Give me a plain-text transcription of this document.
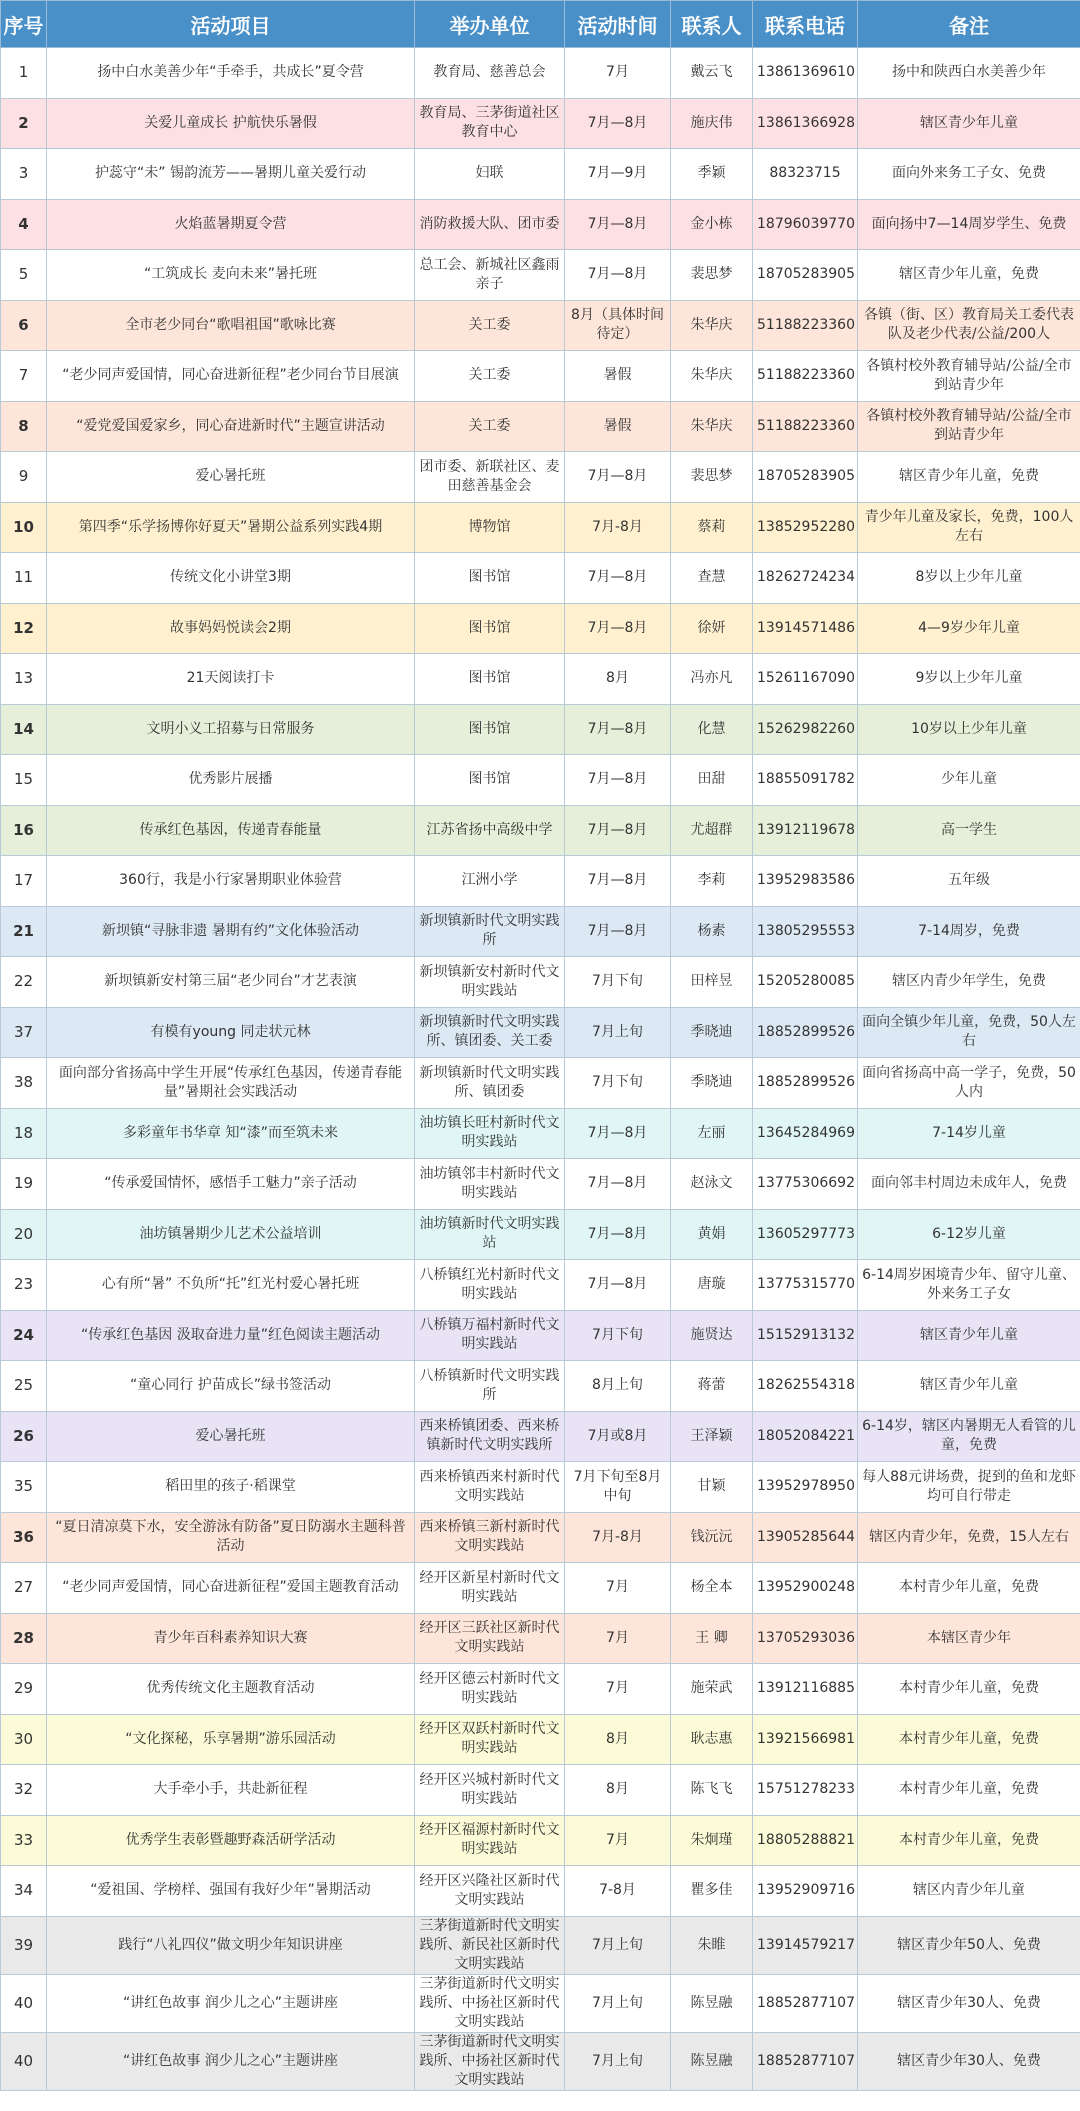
序号	活动项目	举办单位	活动时间	联系人	联系电话	备注
1	扬中白水美善少年“手牵手，共成长”夏令营	教育局、慈善总会	7月	戴云飞	13861369610	扬中和陕西白水美善少年
2	关爱儿童成长 护航快乐暑假	教育局、三茅街道社区教育中心	7月—8月	施庆伟	13861366928	辖区青少年儿童
3	护蕊守“未” 锡韵流芳——暑期儿童关爱行动	妇联	7月—9月	季颖	88323715	面向外来务工子女、免费
4	火焰蓝暑期夏令营	消防救援大队、团市委	7月—8月	金小栋	18796039770	面向扬中7—14周岁学生、免费
5	“工筑成长 麦向未来”暑托班	总工会、新城社区鑫雨亲子	7月—8月	裴思梦	18705283905	辖区青少年儿童，免费
6	全市老少同台“歌唱祖国”歌咏比赛	关工委	8月（具体时间待定）	朱华庆	51188223360	各镇（街、区）教育局关工委代表队及老少代表/公益/200人
7	“老少同声爱国情，同心奋进新征程”老少同台节目展演	关工委	暑假	朱华庆	51188223360	各镇村校外教育辅导站/公益/全市到站青少年
8	“爱党爱国爱家乡，同心奋进新时代”主题宣讲活动	关工委	暑假	朱华庆	51188223360	各镇村校外教育辅导站/公益/全市到站青少年
9	爱心暑托班	团市委、新联社区、麦田慈善基金会	7月—8月	裴思梦	18705283905	辖区青少年儿童，免费
10	第四季“乐学扬博你好夏天”暑期公益系列实践4期	博物馆	7月-8月	蔡莉	13852952280	青少年儿童及家长，免费，100人左右
11	传统文化小讲堂3期	图书馆	7月—8月	查慧	18262724234	8岁以上少年儿童
12	故事妈妈悦读会2期	图书馆	7月—8月	徐妍	13914571486	4—9岁少年儿童
13	21天阅读打卡	图书馆	8月	冯亦凡	15261167090	9岁以上少年儿童
14	文明小义工招募与日常服务	图书馆	7月—8月	化慧	15262982260	10岁以上少年儿童
15	优秀影片展播	图书馆	7月—8月	田甜	18855091782	少年儿童
16	传承红色基因，传递青春能量	江苏省扬中高级中学	7月—8月	尤超群	13912119678	高一学生
17	360行，我是小行家暑期职业体验营	江洲小学	7月—8月	李莉	13952983586	五年级
21	新坝镇“寻脉非遗 暑期有约”文化体验活动	新坝镇新时代文明实践所	7月—8月	杨素	13805295553	7-14周岁，免费
22	新坝镇新安村第三届“老少同台”才艺表演	新坝镇新安村新时代文明实践站	7月下旬	田梓昱	15205280085	辖区内青少年学生，免费
37	有模有young 同走状元林	新坝镇新时代文明实践所、镇团委、关工委	7月上旬	季晓迪	18852899526	面向全镇少年儿童，免费，50人左右
38	面向部分省扬高中学生开展“传承红色基因，传递青春能量”暑期社会实践活动	新坝镇新时代文明实践所、镇团委	7月下旬	季晓迪	18852899526	面向省扬高中高一学子，免费，50人内
18	多彩童年书华章 知“漆”而至筑未来	油坊镇长旺村新时代文明实践站	7月—8月	左丽	13645284969	7-14岁儿童
19	“传承爱国情怀，感悟手工魅力”亲子活动	油坊镇邻丰村新时代文明实践站	7月—8月	赵泳文	13775306692	面向邻丰村周边未成年人，免费
20	油坊镇暑期少儿艺术公益培训	油坊镇新时代文明实践站	7月—8月	黄娟	13605297773	6-12岁儿童
23	心有所“暑” 不负所“托”红光村爱心暑托班	八桥镇红光村新时代文明实践站	7月—8月	唐璇	13775315770	6-14周岁困境青少年、留守儿童、外来务工子女
24	“传承红色基因 汲取奋进力量”红色阅读主题活动	八桥镇万福村新时代文明实践站	7月下旬	施贤达	15152913132	辖区青少年儿童
25	“童心同行 护苗成长”绿书签活动	八桥镇新时代文明实践所	8月上旬	蒋蕾	18262554318	辖区青少年儿童
26	爱心暑托班	西来桥镇团委、西来桥镇新时代文明实践所	7月或8月	王泽颖	18052084221	6-14岁，辖区内暑期无人看管的儿童，免费
35	稻田里的孩子·稻课堂	西来桥镇西来村新时代文明实践站	7月下旬至8月中旬	甘颖	13952978950	每人88元讲场费，捉到的鱼和龙虾均可自行带走
36	“夏日清凉莫下水，安全游泳有防备”夏日防溺水主题科普活动	西来桥镇三新村新时代文明实践站	7月-8月	钱沅沅	13905285644	辖区内青少年，免费，15人左右
27	“老少同声爱国情，同心奋进新征程”爱国主题教育活动	经开区新星村新时代文明实践站	7月	杨全本	13952900248	本村青少年儿童，免费
28	青少年百科素养知识大赛	经开区三跃社区新时代文明实践站	7月	王 卿	13705293036	本辖区青少年
29	优秀传统文化主题教育活动	经开区德云村新时代文明实践站	7月	施荣武	13912116885	本村青少年儿童，免费
30	“文化探秘，乐享暑期”游乐园活动	经开区双跃村新时代文明实践站	8月	耿志惠	13921566981	本村青少年儿童，免费
32	大手牵小手，共赴新征程	经开区兴城村新时代文明实践站	8月	陈飞飞	15751278233	本村青少年儿童，免费
33	优秀学生表彰暨趣野森活研学活动	经开区福源村新时代文明实践站	7月	朱炯瑾	18805288821	本村青少年儿童，免费
34	“爱祖国、学榜样、强国有我好少年”暑期活动	经开区兴隆社区新时代文明实践站	7-8月	瞿多佳	13952909716	辖区内青少年儿童
39	践行“八礼四仪”做文明少年知识讲座	三茅街道新时代文明实践所、新民社区新时代文明实践站	7月上旬	朱睢	13914579217	辖区青少年50人、免费
40	“讲红色故事 润少儿之心”主题讲座	三茅街道新时代文明实践所、中扬社区新时代文明实践站	7月上旬	陈昱融	18852877107	辖区青少年30人、免费
40	“讲红色故事 润少儿之心”主题讲座	三茅街道新时代文明实践所、中扬社区新时代文明实践站	7月上旬	陈昱融	18852877107	辖区青少年30人、免费
